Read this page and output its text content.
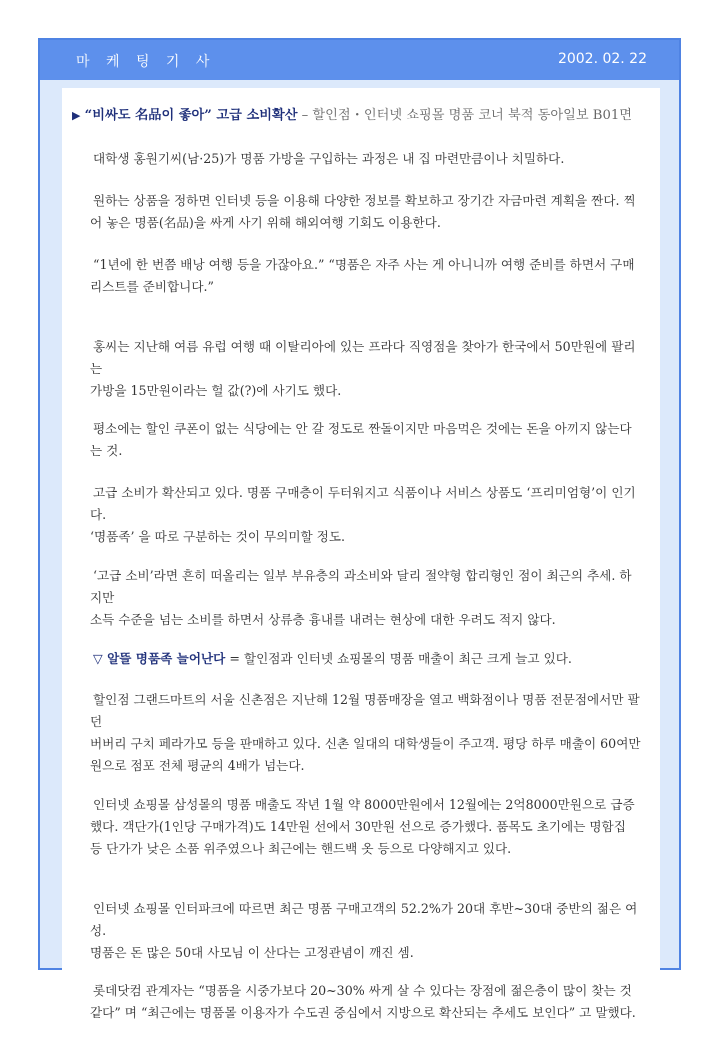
마 케 팅 기 사	2002. 02. 22
▶ “비싸도 名品이 좋아” 고급 소비확산 – 할인점・인터넷 쇼핑몰 명품 코너 북적 동아일보 B01면

대학생 홍원기씨(남·25)가 명품 가방을 구입하는 과정은 내 집 마련만큼이나 치밀하다.

원하는 상품을 정하면 인터넷 등을 이용해 다양한 정보를 확보하고 장기간 자금마련 계획을 짠다. 찍어 놓은 명품(名品)을 싸게 사기 위해 해외여행 기회도 이용한다.

“1년에 한 번쯤 배낭 여행 등을 가잖아요.” “명품은 자주 사는 게 아니니까 여행 준비를 하면서 구매

리스트를 준비합니다.”

홍씨는 지난해 여름 유럽 여행 때 이탈리아에 있는 프라다 직영점을 찾아가 한국에서 50만원에 팔리는

가방을 15만원이라는 헐 값(?)에 사기도 했다.

평소에는 할인 쿠폰이 없는 식당에는 안 갈 정도로 짠돌이지만 마음먹은 것에는 돈을 아끼지 않는다는 것.

고급 소비가 확산되고 있다. 명품 구매층이 두터워지고 식품이나 서비스 상품도 ‘프리미엄형’이 인기다.

‘명품족’ 을 따로 구분하는 것이 무의미할 정도.

‘고급 소비’라면 흔히 떠올리는 일부 부유층의 과소비와 달리 절약형 합리형인 점이 최근의 추세. 하지만

소득 수준을 넘는 소비를 하면서 상류층 흉내를 내려는 현상에 대한 우려도 적지 않다.

▽ 알뜰 명품족 늘어난다 = 할인점과 인터넷 쇼핑몰의 명품 매출이 최근 크게 늘고 있다.

할인점 그랜드마트의 서울 신촌점은 지난해 12월 명품매장을 열고 백화점이나 명품 전문점에서만 팔던

버버리 구치 페라가모 등을 판매하고 있다. 신촌 일대의 대학생들이 주고객. 평당 하루 매출이 60여만원으로 점포 전체 평균의 4배가 넘는다.

인터넷 쇼핑몰 삼성몰의 명품 매출도 작년 1월 약 8000만원에서 12월에는 2억8000만원으로 급증했다. 객단가(1인당 구매가격)도 14만원 선에서 30만원 선으로 증가했다. 품목도 초기에는 명함집 등 단가가 낮은 소품 위주였으나 최근에는 핸드백 옷 등으로 다양해지고 있다.

인터넷 쇼핑몰 인터파크에 따르면 최근 명품 구매고객의 52.2%가 20대 후반~30대 중반의 젊은 여성.

명품은 돈 많은 50대 사모님 이 산다는 고정관념이 깨진 셈.

롯데닷컴 관계자는 “명품을 시중가보다 20~30% 싸게 살 수 있다는 장점에 젊은층이 많이 찾는 것 같다” 며 “최근에는 명품몰 이용자가 수도권 중심에서 지방으로 확산되는 추세도 보인다” 고 말했다.
